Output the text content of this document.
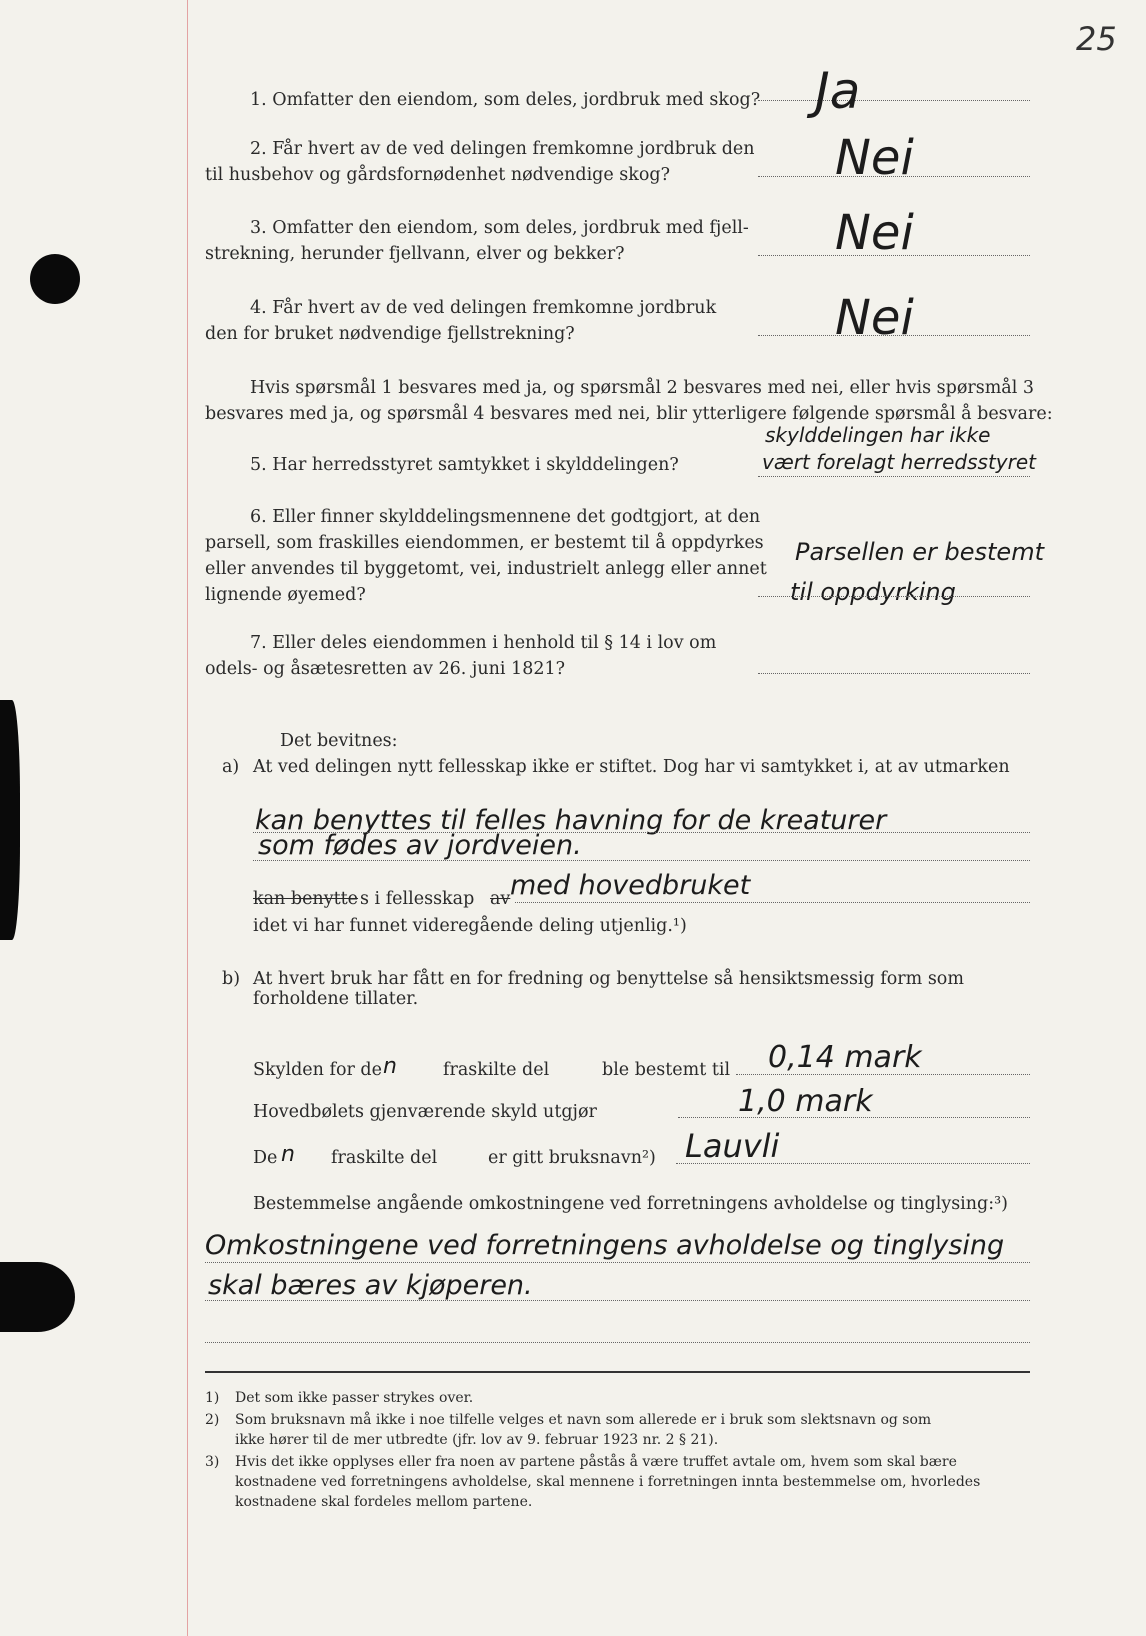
25
1. Omfatter den eiendom, som deles, jordbruk med skog? Ja
2. Får hvert av de ved delingen fremkomne jordbruk den
til husbehov og gårdsfornødenhet nødvendige skog?	Nei
3. Omfatter den eiendom, som deles, jordbruk med fjell-
strekning, herunder fjellvann, elver og bekker?	Nei
4. Får hvert av de ved delingen fremkomne jordbruk
den for bruket nødvendige fjellstrekning?	Nei
Hvis spørsmål 1 besvares med ja, og spørsmål 2 besvares med nei, eller hvis spørsmål 3
besvares med ja, og spørsmål 4 besvares med nei, blir ytterligere følgende spørsmål å besvare:
5. Har herredsstyret samtykket i skylddelingen?
skylddelingen har ikke
vært forelagt herredsstyret
6. Eller finner skylddelingsmennene det godtgjort, at den
parsell, som fraskilles eiendommen, er bestemt til å oppdyrkes
eller anvendes til byggetomt, vei, industrielt anlegg eller annet
lignende øyemed?
Parsellen er bestemt
til oppdyrking
7. Eller deles eiendommen i henhold til § 14 i lov om
odels- og åsætesretten av 26. juni 1821?
Det bevitnes:
a) At ved delingen nytt fellesskap ikke er stiftet. Dog har vi samtykket i, at av utmarken
kan benyttes til felles havning for de kreaturer
som fødes av jordveien.
kan benytte s i fellesskap av med hovedbruket
idet vi har funnet videregående deling utjenlig.¹)
b) At hvert bruk har fått en for fredning og benyttelse så hensiktsmessig form som
forholdene tillater.
Skylden for de n	fraskilte del	ble bestemt til 0,14 mark
Hovedbølets gjenværende skyld utgjør	1,0 mark
De n fraskilte del	er gitt bruksnavn²) Lauvli
Bestemmelse angående omkostningene ved forretningens avholdelse og tinglysing:³)
Omkostningene ved forretningens avholdelse og tinglysing
skal bæres av kjøperen.
1) Det som ikke passer strykes over.
2) Som bruksnavn må ikke i noe tilfelle velges et navn som allerede er i bruk som slektsnavn og som
ikke hører til de mer utbredte (jfr. lov av 9. februar 1923 nr. 2 § 21).
3) Hvis det ikke opplyses eller fra noen av partene påstås å være truffet avtale om, hvem som skal bære
kostnadene ved forretningens avholdelse, skal mennene i forretningen innta bestemmelse om, hvorledes
kostnadene skal fordeles mellom partene.
